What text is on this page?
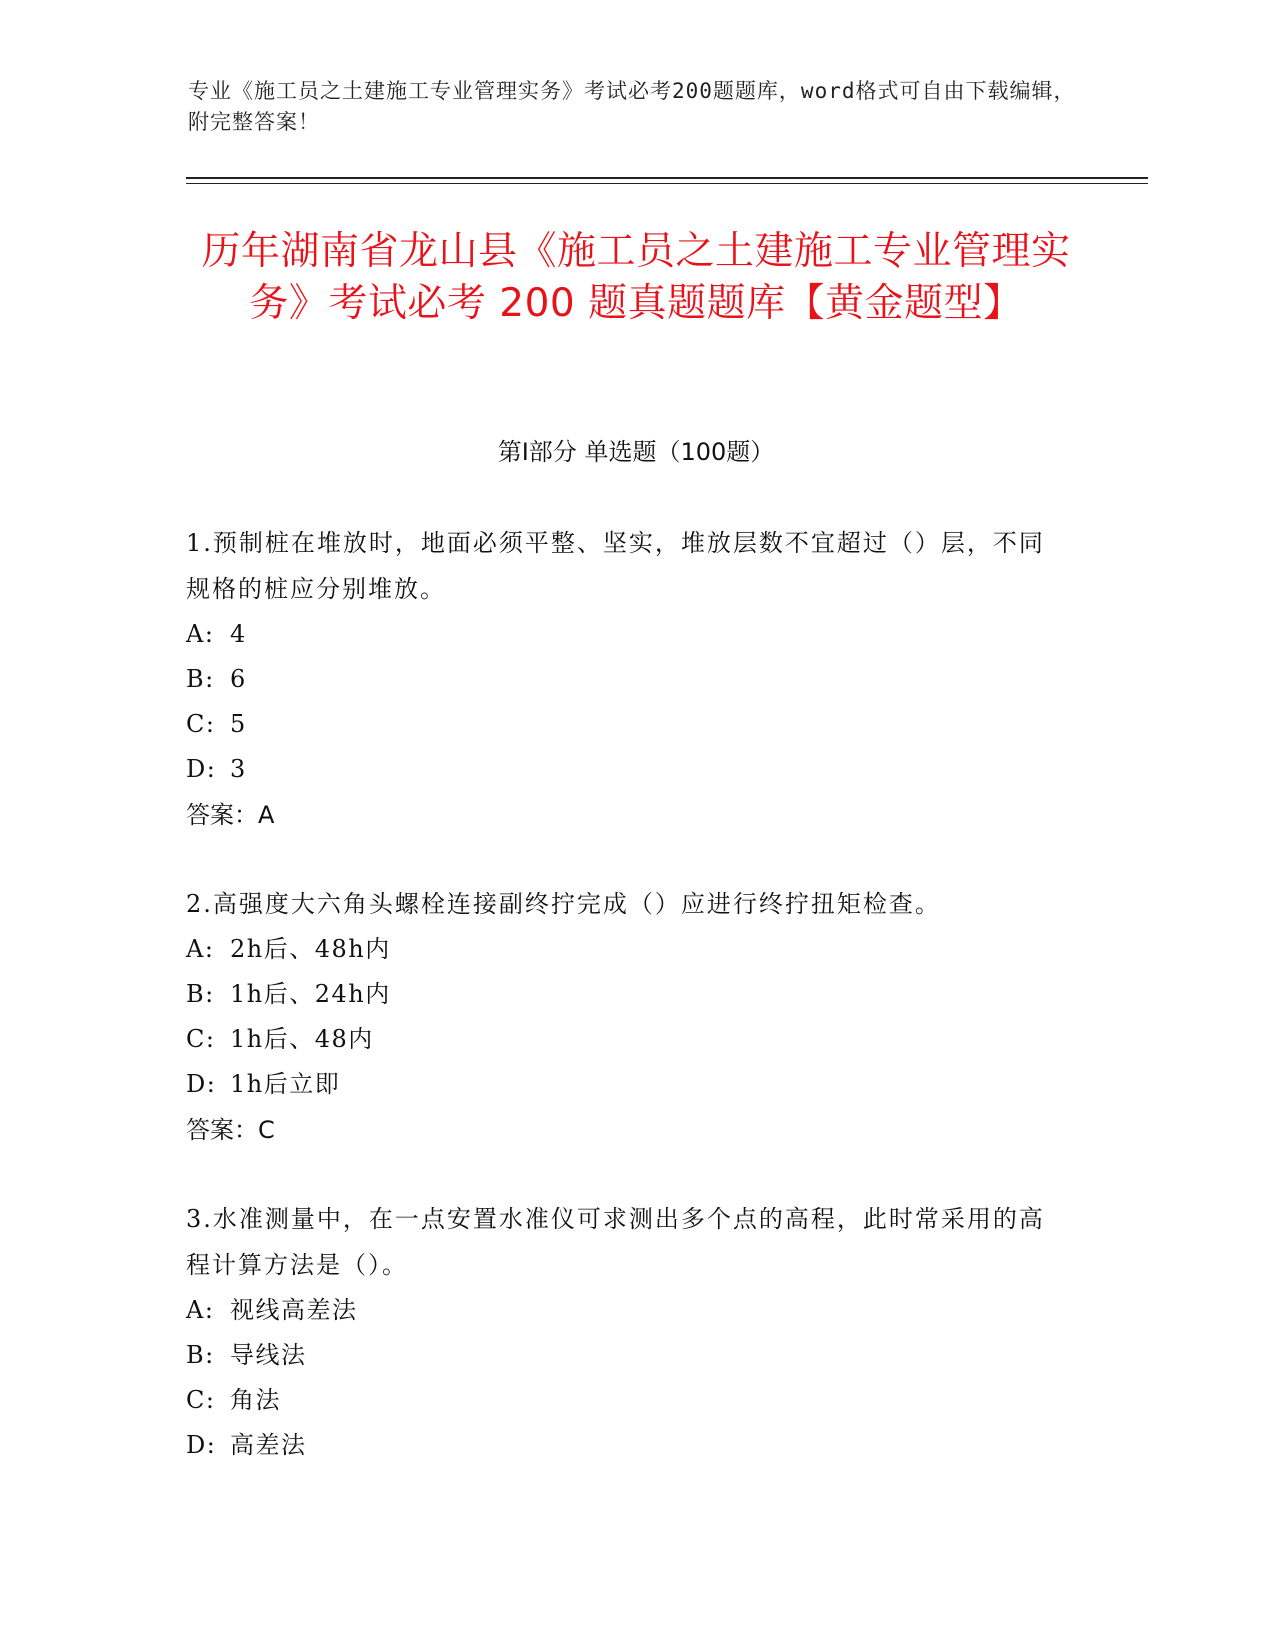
专业《施工员之土建施工专业管理实务》考试必考200题题库，word格式可自由下载编辑，附完整答案！
历年湖南省龙山县《施工员之土建施工专业管理实务》考试必考 200 题真题题库【黄金题型】
第Ⅰ部分 单选题（100题）
1.预制桩在堆放时，地面必须平整、坚实，堆放层数不宜超过（）层，不同规格的桩应分别堆放。
A: 4
B: 6
C: 5
D: 3
答案：A
2.高强度大六角头螺栓连接副终拧完成（）应进行终拧扭矩检查。
A: 2h后、48h内
B: 1h后、24h内
C: 1h后、48内
D: 1h后立即
答案：C
3.水准测量中，在一点安置水准仪可求测出多个点的高程，此时常采用的高程计算方法是（）。
A: 视线高差法
B: 导线法
C: 角法
D: 高差法
